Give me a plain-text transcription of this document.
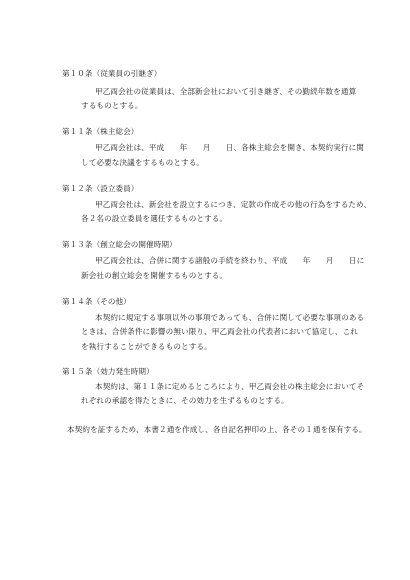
第１０条（従業員の引継ぎ）
甲乙両会社の従業員は、全部新会社において引き継ぎ、その勤続年数を通算
するものとする。
第１１条（株主総会）
甲乙両会社は、平成　　年　　月　　日、各株主総会を開き、本契約実行に関
して必要な決議をするものとする。
第１２条（設立委員）
甲乙両会社は、新会社を設立するにつき、定款の作成その他の行為をするため、
各２名の設立委員を選任するものとする。
第１３条（創立総会の開催時期）
甲乙両会社は、合併に関する諸般の手続を終わり、平成　　年　　月　　日に
新会社の創立総会を開催するものとする。
第１４条（その他）
本契約に規定する事項以外の事項であっても、合併に関して必要な事項のある
ときは、合併条件に影響の無い限り、甲乙両会社の代表者において協定し、これ
を執行することができるものとする。
第１５条（効力発生時期）
本契約は、第１１条に定めるところにより、甲乙両会社の株主総会においてそ
れぞれの承認を得たときに、その効力を生ずるものとする。
本契約を証するため、本書２通を作成し、各自記名押印の上、各その１通を保有する。
